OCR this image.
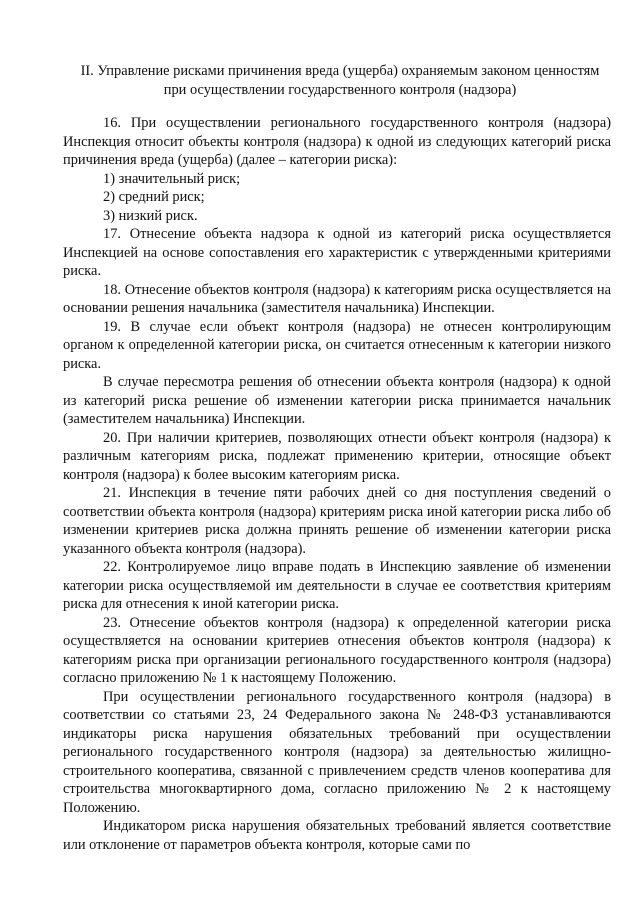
II. Управление рисками причинения вреда (ущерба) охраняемым законом ценностям
при осуществлении государственного контроля (надзора)

16. При осуществлении регионального государственного контроля (надзора) Инспекция относит объекты контроля (надзора) к одной из следующих категорий риска причинения вреда (ущерба) (далее – категории риска):

1) значительный риск;

2) средний риск;

3) низкий риск.

17. Отнесение объекта надзора к одной из категорий риска осуществляется Инспекцией на основе сопоставления его характеристик с утвержденными критериями риска.

18. Отнесение объектов контроля (надзора) к категориям риска осуществляется на основании решения начальника (заместителя начальника) Инспекции.

19. В случае если объект контроля (надзора) не отнесен контролирующим органом к определенной категории риска, он считается отнесенным к категории низкого риска.

В случае пересмотра решения об отнесении объекта контроля (надзора) к одной из категорий риска решение об изменении категории риска принимается начальник (заместителем начальника) Инспекции.

20. При наличии критериев, позволяющих отнести объект контроля (надзора) к различным категориям риска, подлежат применению критерии, относящие объект контроля (надзора) к более высоким категориям риска.

21. Инспекция в течение пяти рабочих дней со дня поступления сведений о соответствии объекта контроля (надзора) критериям риска иной категории риска либо об изменении критериев риска должна принять решение об изменении категории риска указанного объекта контроля (надзора).

22. Контролируемое лицо вправе подать в Инспекцию заявление об изменении категории риска осуществляемой им деятельности в случае ее соответствия критериям риска для отнесения к иной категории риска.

23. Отнесение объектов контроля (надзора) к определенной категории риска осуществляется на основании критериев отнесения объектов контроля (надзора) к категориям риска при организации регионального государственного контроля (надзора) согласно приложению № 1 к настоящему Положению.

При осуществлении регионального государственного контроля (надзора) в соответствии со статьями 23, 24 Федерального закона № 248-ФЗ устанавливаются индикаторы риска нарушения обязательных требований при осуществлении регионального государственного контроля (надзора) за деятельностью жилищно-строительного кооператива, связанной с привлечением средств членов кооператива для строительства многоквартирного дома, согласно приложению № 2 к настоящему Положению.

Индикатором риска нарушения обязательных требований является соответствие или отклонение от параметров объекта контроля, которые сами по
